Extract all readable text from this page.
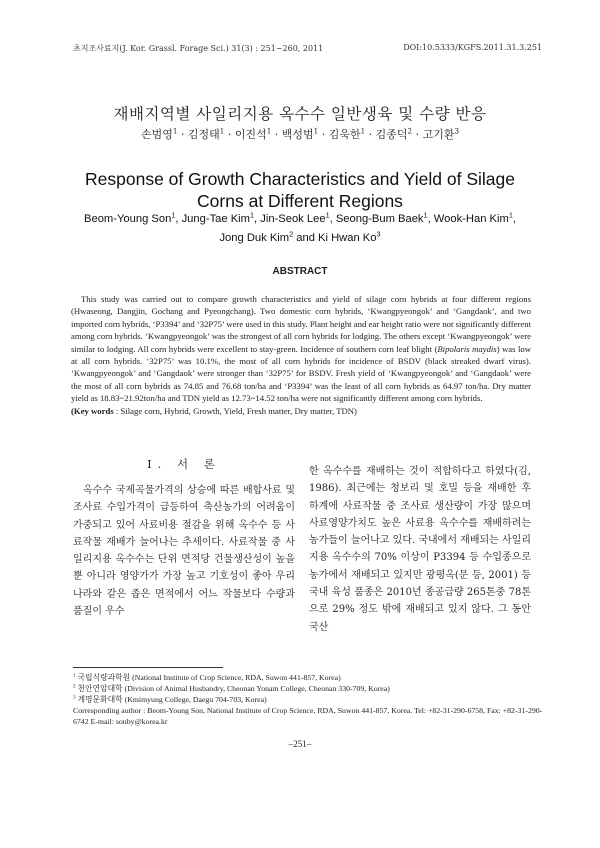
초지조사료지(J. Kor. Grassl. Forage Sci.) 31(3) : 251~260, 2011	DOI:10.5333/KGFS.2011.31.3.251
재배지역별 사일리지용 옥수수 일반생육 및 수량 반응
손범영$^1$ · 김정태$^1$ · 이진석$^1$ · 백성범$^1$ · 김욱한$^1$ · 김종덕$^2$ · 고기환$^3$
Response of Growth Characteristics and Yield of Silage
Corns at Different Regions
Beom-Young Son$^1$, Jung-Tae Kim$^1$, Jin-Seok Lee$^1$, Seong-Bum Baek$^1$, Wook-Han Kim$^1$,
Jong Duk Kim$^2$ and Ki Hwan Ko$^3$
ABSTRACT
This study was carried out to compare growth characteristics and yield of silage corn hybrids at four different regions (Hwaseong, Dangjin, Gochang and Pyeongchang). Two domestic corn hybrids, ‘Kwangpyeongok’ and ‘Gangdaok’, and two imported corn hybrids, ‘P3394’ and ‘32P75’ were used in this study. Plant height and ear height ratio were not significantly different among corn hybrids. ‘Kwangpyeongok’ was the strongest of all corn hybrids for lodging. The others except ‘Kwangpyeongok’ were similar to lodging. All corn hybrids were excellent to stay-green. Incidence of southern corn leaf blight (Bipolaris maydis) was low at all corn hybrids. ‘32P75’ was 10.1%, the most of all corn hybrids for incidence of BSDV (black streaked dwarf virus). ‘Kwangpyeongok’ and ‘Gangdaok’ were stronger than ‘32P75’ for BSDV. Fresh yield of ‘Kwangpyeongok’ and ‘Gangdaok’ were the most of all corn hybrids as 74.85 and 76.68 ton/ha and ‘P3394’ was the least of all corn hybrids as 64.97 ton/ha. Dry matter yield as 18.83~21.92ton/ha and TDN yield as 12.73~14.52 ton/ha were not significantly different among corn hybrids.
(Key words : Silage corn, Hybrid, Growth, Yield, Fresh matter, Dry matter, TDN)
Ⅰ. 서 론
옥수수 국제곡물가격의 상승에 따른 배합사료 및 조사료 수입가격이 급등하여 축산농가의 어려움이 가중되고 있어 사료비용 절감을 위해 옥수수 등 사료작물 재배가 늘어나는 추세이다. 사료작물 중 사일리지용 옥수수는 단위 면적당 건물생산성이 높을 뿐 아니라 영양가가 가장 높고 기호성이 좋아 우리나라와 같은 좁은 면적에서 어느 작물보다 수량과 품질이 우수
한 옥수수를 재배하는 것이 적합하다고 하였다(김, 1986). 최근에는 청보리 및 호밀 등을 재배한 후 하계에 사료작물 중 조사료 생산량이 가장 많으며 사료영양가치도 높은 사료용 옥수수를 재배하려는 농가들이 늘어나고 있다. 국내에서 재배되는 사일리지용 옥수수의 70% 이상이 P3394 등 수입종으로 농가에서 재배되고 있지만 광평옥(문 등, 2001) 등 국내 육성 품종은 2010년 종공급량 265톤중 78톤으로 29% 정도 밖에 재배되고 있지 않다. 그 동안 국산
$^1$ 국립식량과학원 (National Institute of Crop Science, RDA, Suwon 441-857, Korea)
$^2$ 천안연암대학 (Division of Animal Husbandry, Cheonan Yonam College, Cheonan 330-709, Korea)
$^3$ 계명문화대학 (Kmimyung College, Daegu 704-703, Korea)
Corresponding author : Beom-Young Son, National Institute of Crop Science, RDA, Suwon 441-857, Korea. Tel: +82-31-290-6758, Fax: +82-31-290-6742 E-mail: sonby@korea.kr
–251–
